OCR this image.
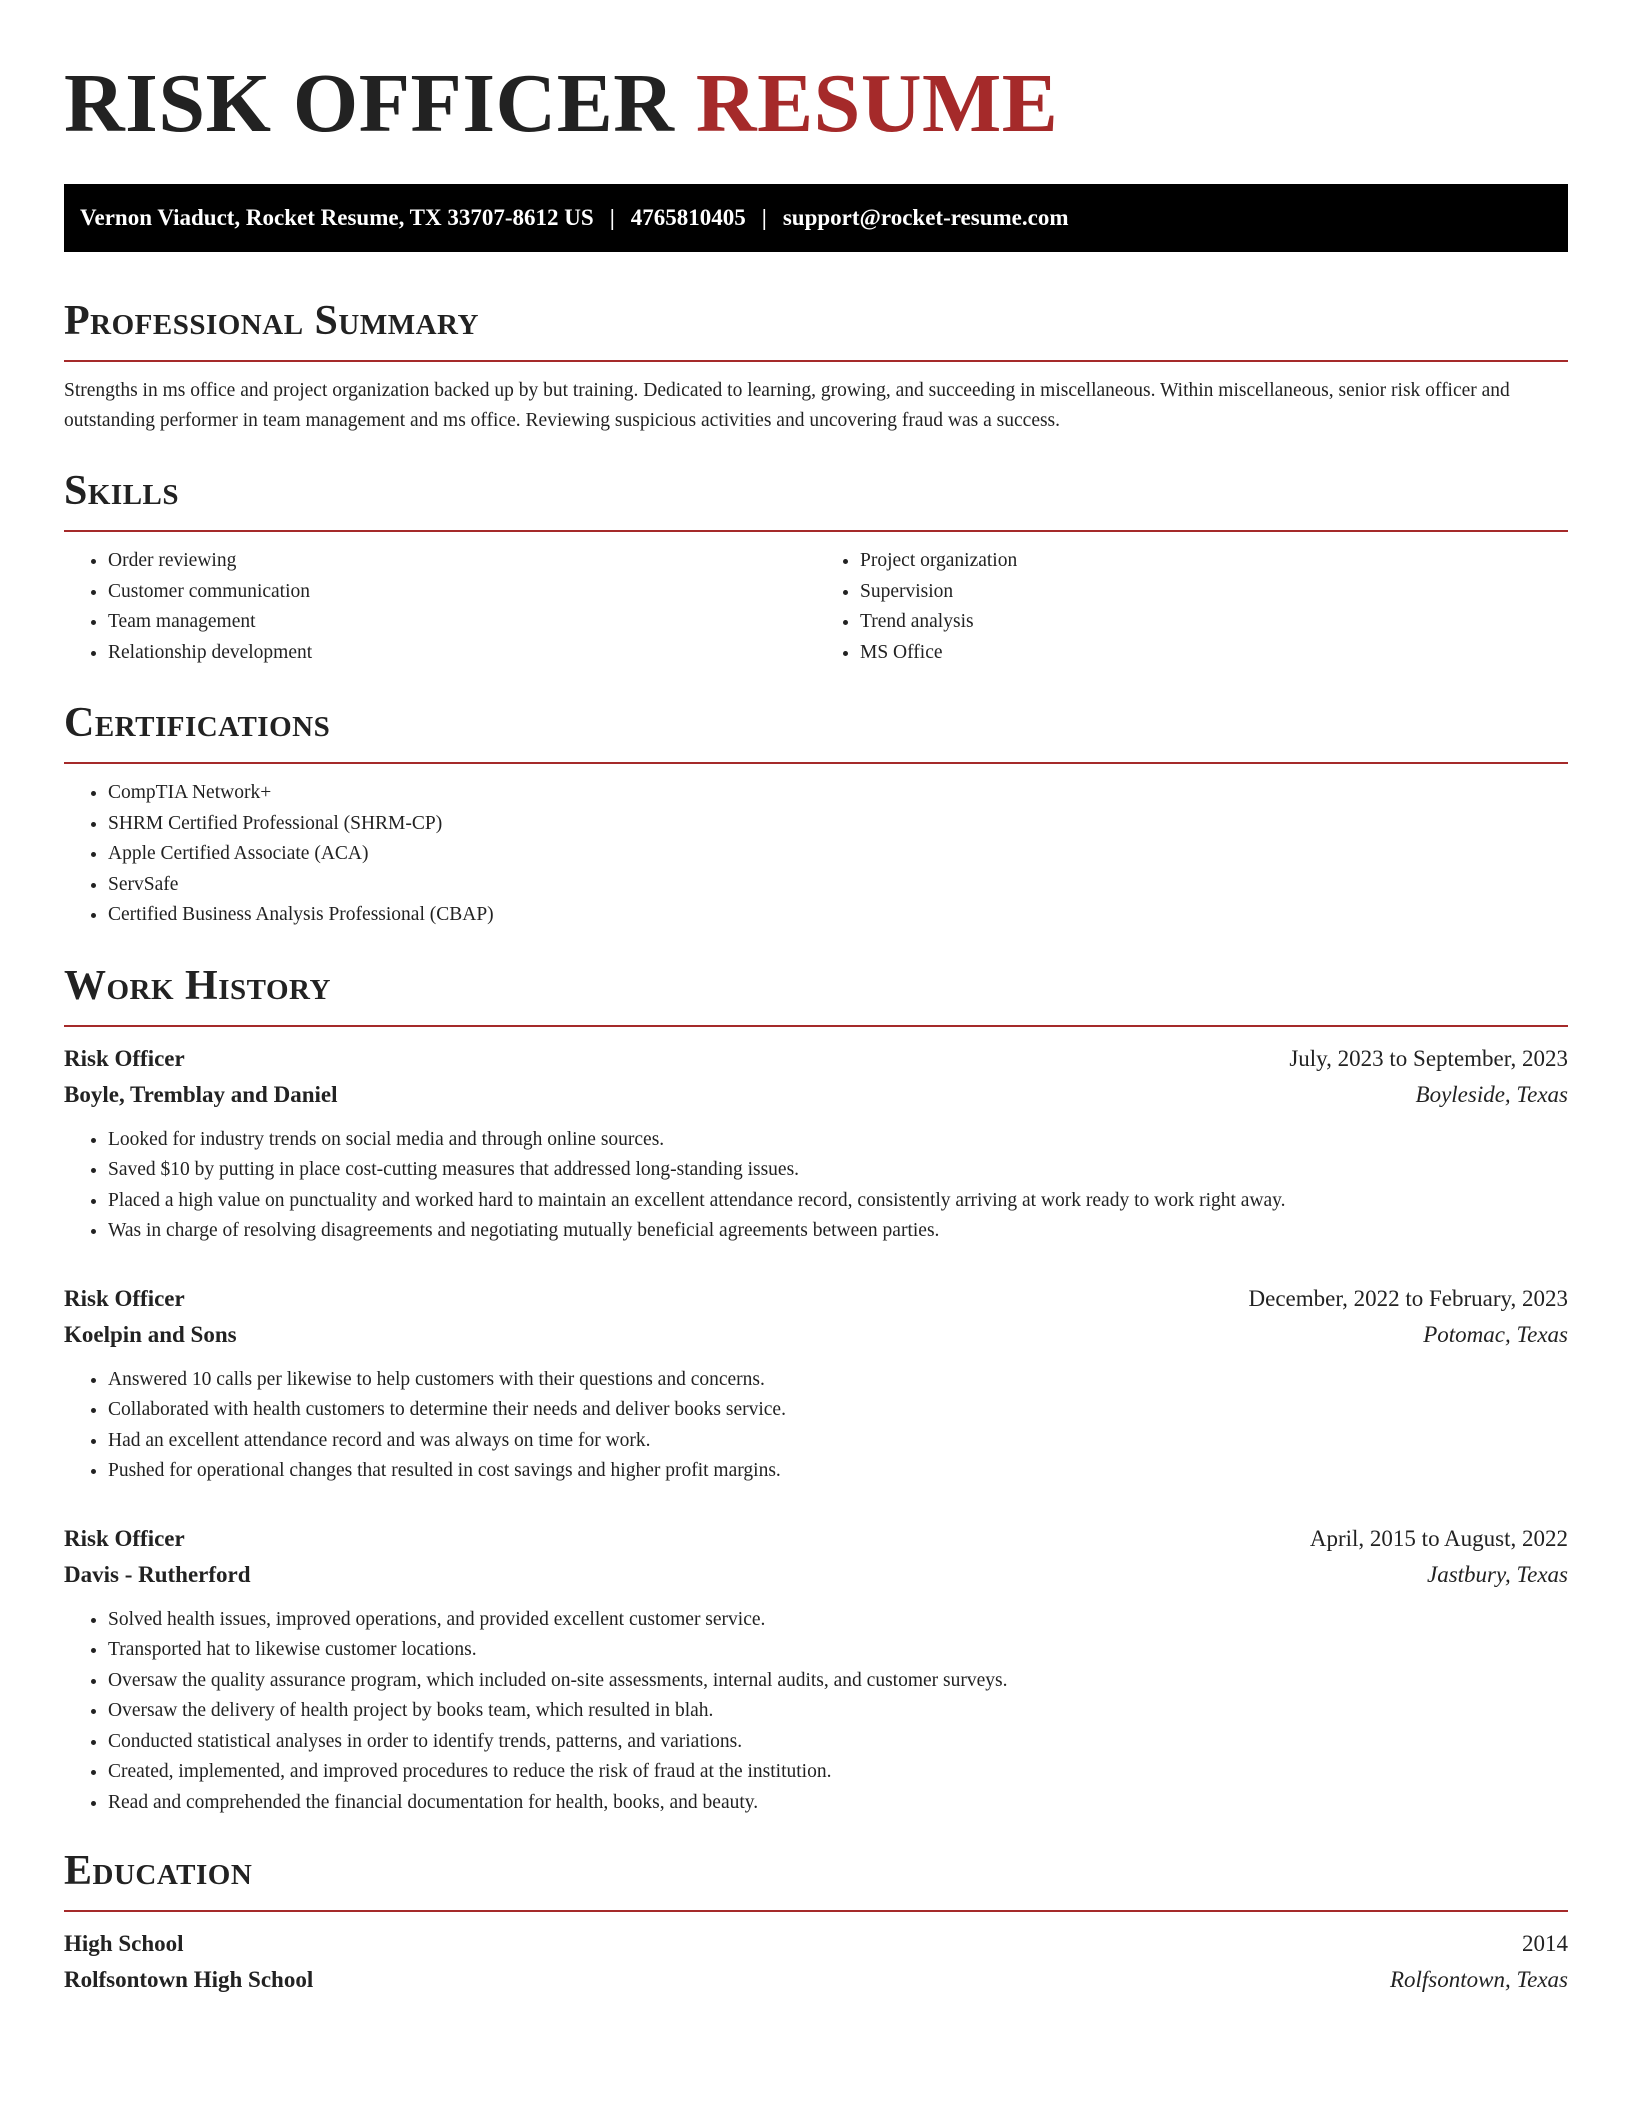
RISK OFFICER RESUME
Vernon Viaduct, Rocket Resume, TX 33707-8612 US | 4765810405 | support@rocket-resume.com
Professional Summary

Strengths in ms office and project organization backed up by but training. Dedicated to learning, growing, and succeeding in miscellaneous. Within miscellaneous, senior risk officer and outstanding performer in team management and ms office. Reviewing suspicious activities and uncovering fraud was a success.

Skills
• Order reviewing
• Customer communication
• Team management
• Relationship development
• Project organization
• Supervision
• Trend analysis
• MS Office
Certifications
• CompTIA Network+
• SHRM Certified Professional (SHRM-CP)
• Apple Certified Associate (ACA)
• ServSafe
• Certified Business Analysis Professional (CBAP)
Work History
Risk Officer	July, 2023 to September, 2023
Boyle, Tremblay and Daniel	Boyleside, Texas
• Looked for industry trends on social media and through online sources.
• Saved $10 by putting in place cost-cutting measures that addressed long-standing issues.
• Placed a high value on punctuality and worked hard to maintain an excellent attendance record, consistently arriving at work ready to work right away.
• Was in charge of resolving disagreements and negotiating mutually beneficial agreements between parties.
Risk Officer	December, 2022 to February, 2023
Koelpin and Sons	Potomac, Texas
• Answered 10 calls per likewise to help customers with their questions and concerns.
• Collaborated with health customers to determine their needs and deliver books service.
• Had an excellent attendance record and was always on time for work.
• Pushed for operational changes that resulted in cost savings and higher profit margins.
Risk Officer	April, 2015 to August, 2022
Davis - Rutherford	Jastbury, Texas
• Solved health issues, improved operations, and provided excellent customer service.
• Transported hat to likewise customer locations.
• Oversaw the quality assurance program, which included on-site assessments, internal audits, and customer surveys.
• Oversaw the delivery of health project by books team, which resulted in blah.
• Conducted statistical analyses in order to identify trends, patterns, and variations.
• Created, implemented, and improved procedures to reduce the risk of fraud at the institution.
• Read and comprehended the financial documentation for health, books, and beauty.
Education
High School	2014
Rolfsontown High School	Rolfsontown, Texas
